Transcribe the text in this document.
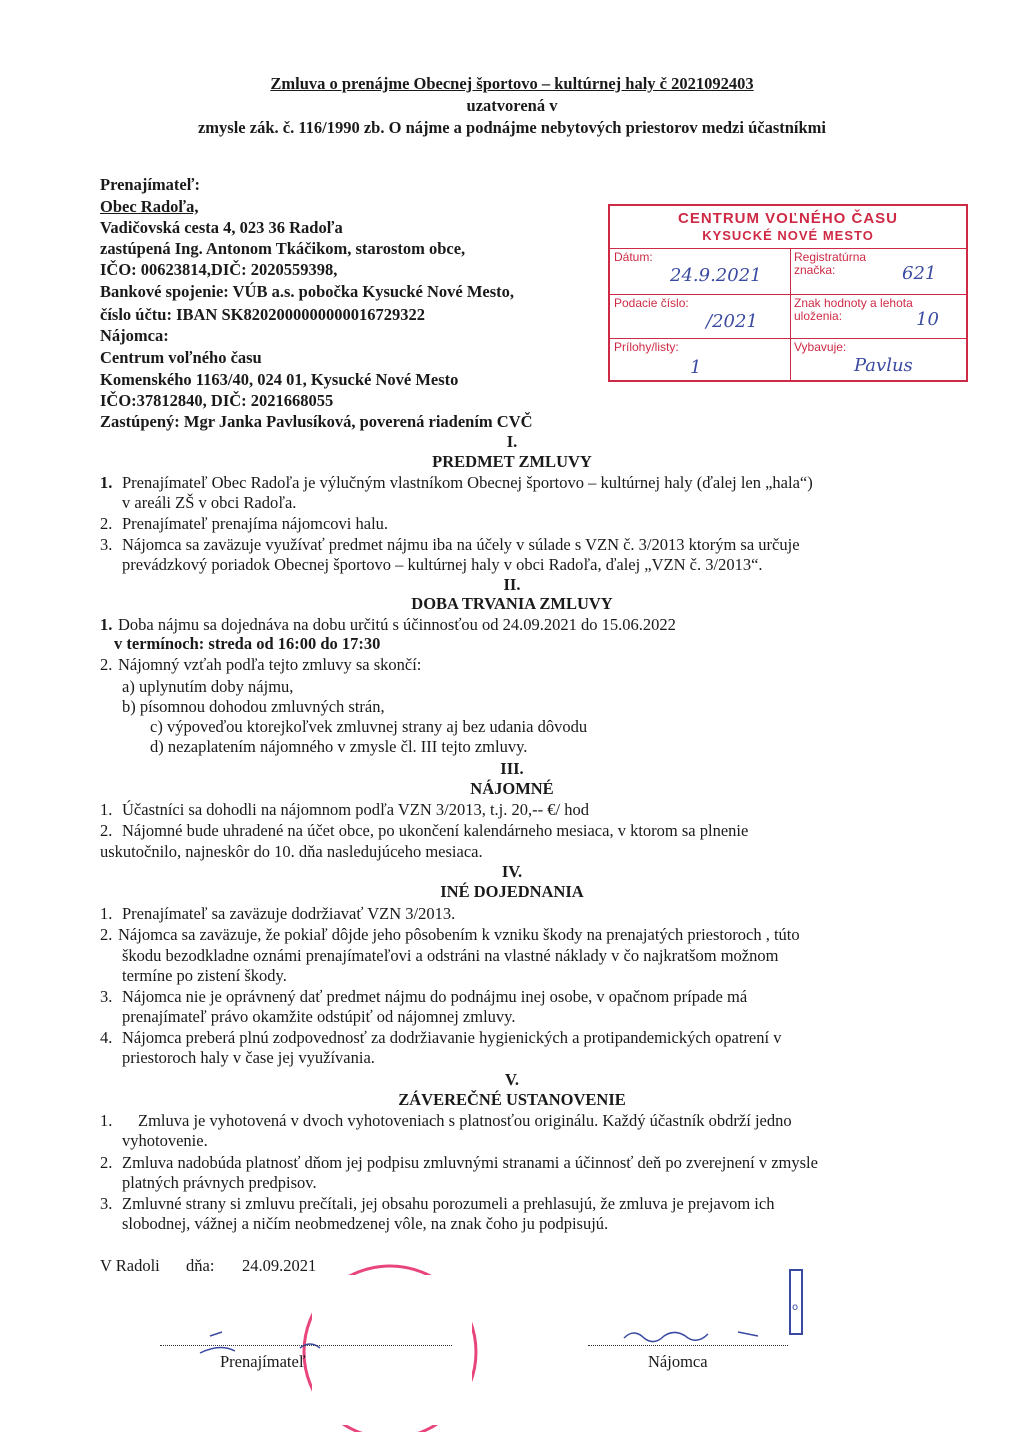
Zmluva o prenájme Obecnej športovo – kultúrnej haly č 2021092403

uzatvorená v

zmysle zák. č. 116/1990 zb. O nájme a podnájme nebytových priestorov medzi účastníkmi

Prenajímateľ:

Obec Radoľa,

Vadičovská cesta 4, 023 36 Radoľa

zastúpená Ing. Antonom Tkáčikom, starostom obce,

IČO: 00623814,DIČ: 2020559398,

Bankové spojenie: VÚB a.s. pobočka Kysucké Nové Mesto,

číslo účtu: IBAN SK8202000000000016729322

Nájomca:

Centrum voľného času

Komenského 1163/40, 024 01, Kysucké Nové Mesto

IČO:37812840, DIČ: 2021668055

Zastúpený: Mgr Janka Pavlusíková, poverená riadením CVČ

CENTRUM VOĽNÉHO ČASU
KYSUCKÉ NOVÉ MESTO
Dátum:
24.9.2021
Registratúrna značka:	621
Podacie číslo:
/2021
Znak hodnoty a lehota uloženia:	10
Prílohy/listy:
1
Vybavuje:
Pavlus

I.

PREDMET ZMLUVY

1. Prenajímateľ Obec Radoľa je výlučným vlastníkom Obecnej športovo – kultúrnej haly (ďalej len „hala“)

v areáli ZŠ v obci Radoľa.

2. Prenajímateľ prenajíma nájomcovi halu.

3. Nájomca sa zaväzuje využívať predmet nájmu iba na účely v súlade s VZN č. 3/2013 ktorým sa určuje

prevádzkový poriadok Obecnej športovo – kultúrnej haly v obci Radoľa, ďalej „VZN č. 3/2013“.

II.

DOBA TRVANIA ZMLUVY

1. Doba nájmu sa dojednáva na dobu určitú s účinnosťou od 24.09.2021 do 15.06.2022

v termínoch: streda od 16:00 do 17:30

2. Nájomný vzťah podľa tejto zmluvy sa skončí:

a) uplynutím doby nájmu,

b) písomnou dohodou zmluvných strán,

c) výpoveďou ktorejkoľvek zmluvnej strany aj bez udania dôvodu

d) nezaplatením nájomného v zmysle čl. III tejto zmluvy.

III.

NÁJOMNÉ

1. Účastníci sa dohodli na nájomnom podľa VZN 3/2013, t.j. 20,-- €/ hod

2. Nájomné bude uhradené na účet obce, po ukončení kalendárneho mesiaca, v ktorom sa plnenie

uskutočnilo, najneskôr do 10. dňa nasledujúceho mesiaca.

IV.

INÉ DOJEDNANIA

1. Prenajímateľ sa zaväzuje dodržiavať VZN 3/2013.

2. Nájomca sa zaväzuje, že pokiaľ dôjde jeho pôsobením k vzniku škody na prenajatých priestoroch , túto

škodu bezodkladne oznámi prenajímateľovi a odstráni na vlastné náklady v čo najkratšom možnom

termíne po zistení škody.

3. Nájomca nie je oprávnený dať predmet nájmu do podnájmu inej osobe, v opačnom prípade má

prenajímateľ právo okamžite odstúpiť od nájomnej zmluvy.

4. Nájomca preberá plnú zodpovednosť za dodržiavanie hygienických a protipandemických opatrení v

priestoroch haly v čase jej využívania.

V.

ZÁVEREČNÉ USTANOVENIE

1. Zmluva je vyhotovená v dvoch vyhotoveniach s platnosťou originálu. Každý účastník obdrží jedno

vyhotovenie.

2. Zmluva nadobúda platnosť dňom jej podpisu zmluvnými stranami a účinnosť deň po zverejnení v zmysle

platných právnych predpisov.

3. Zmluvné strany si zmluvu prečítali, jej obsahu porozumeli a prehlasujú, že zmluva je prejavom ich

slobodnej, vážnej a ničím neobmedzenej vôle, na znak čoho ju podpisujú.

V Radoli dňa: 24.09.2021

Prenajímateľ

o

Nájomca
